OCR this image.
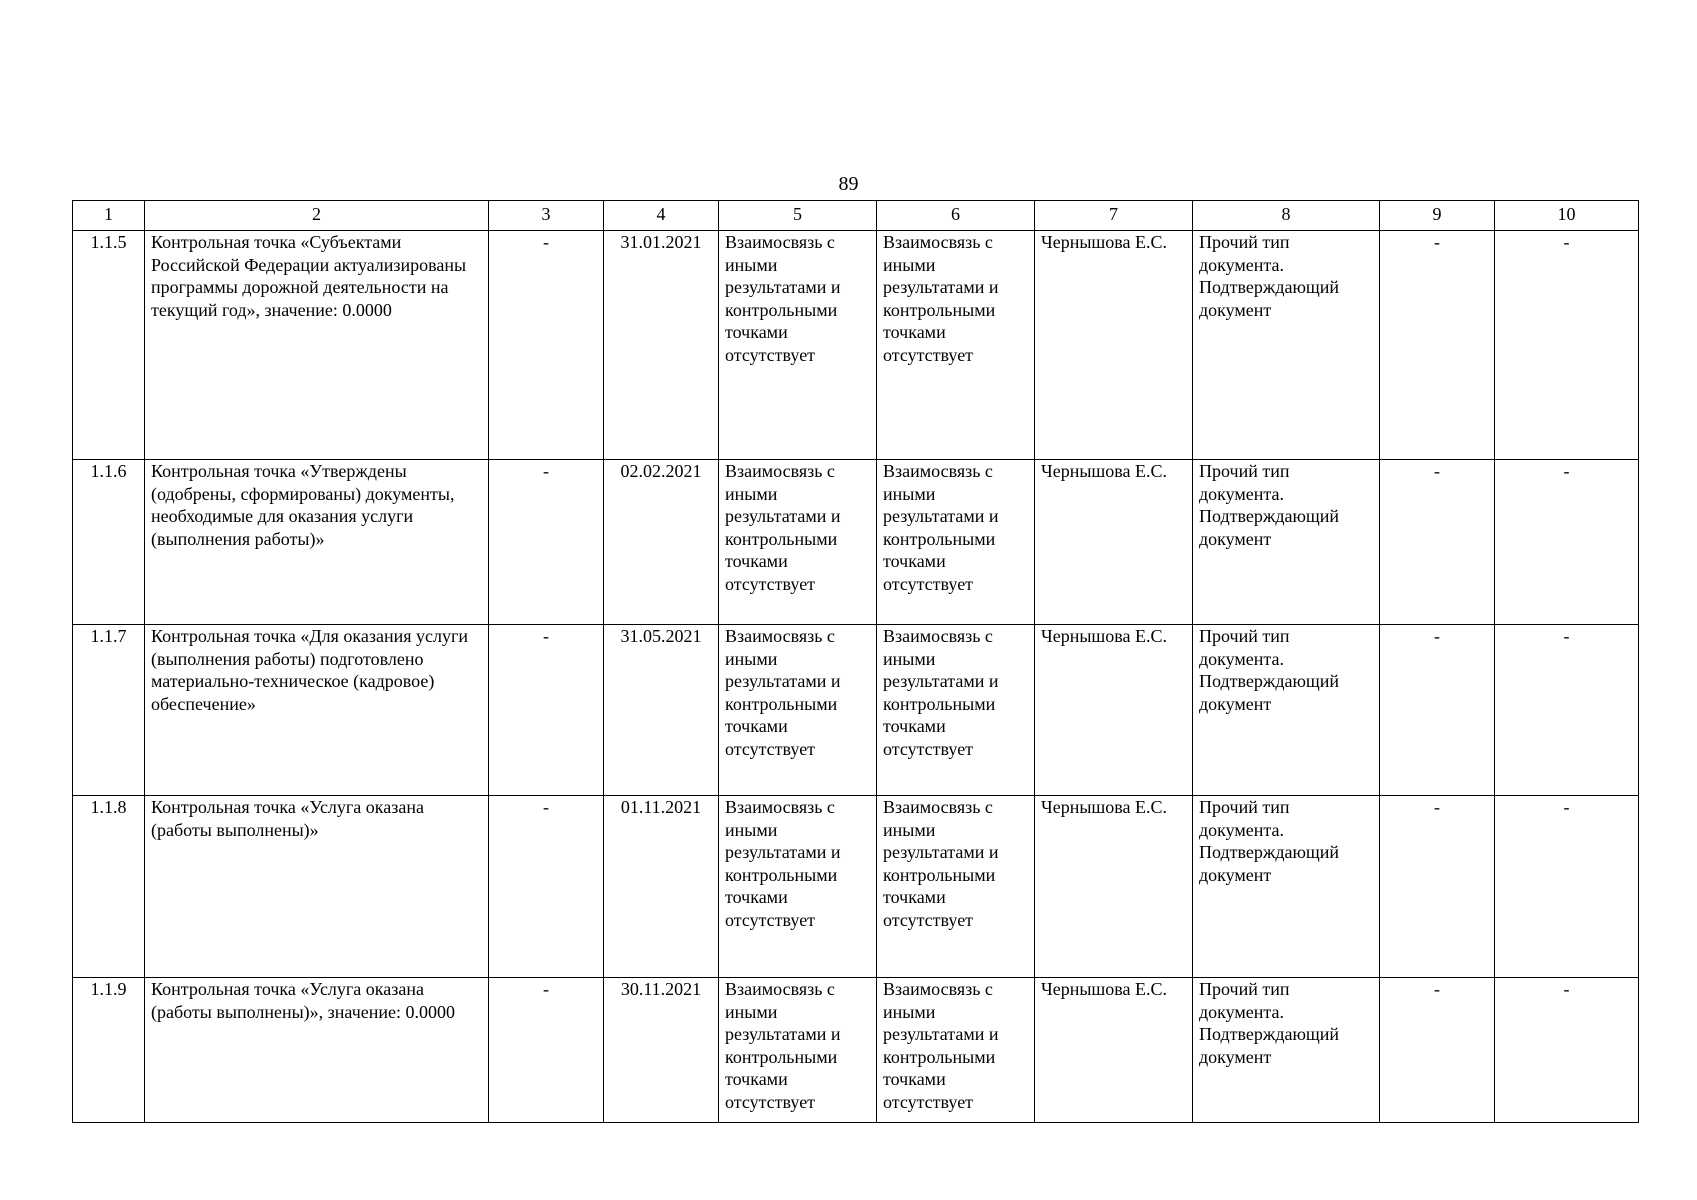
89
1	2	3	4	5	6	7	8	9	10
1.1.5	Контрольная точка «Субъектами Российской Федерации актуализированы программы дорожной деятельности на текущий год», значение: 0.0000	-	31.01.2021	Взаимосвязь с иными результатами и контрольными точками отсутствует	Взаимосвязь с иными результатами и контрольными точками отсутствует	Чернышова Е.С.	Прочий тип документа. Подтверждающий документ	-	-
1.1.6	Контрольная точка «Утверждены (одобрены, сформированы) документы, необходимые для оказания услуги (выполнения работы)»	-	02.02.2021	Взаимосвязь с иными результатами и контрольными точками отсутствует	Взаимосвязь с иными результатами и контрольными точками отсутствует	Чернышова Е.С.	Прочий тип документа. Подтверждающий документ	-	-
1.1.7	Контрольная точка «Для оказания услуги (выполнения работы) подготовлено материально-техническое (кадровое) обеспечение»	-	31.05.2021	Взаимосвязь с иными результатами и контрольными точками отсутствует	Взаимосвязь с иными результатами и контрольными точками отсутствует	Чернышова Е.С.	Прочий тип документа. Подтверждающий документ	-	-
1.1.8	Контрольная точка «Услуга оказана (работы выполнены)»	-	01.11.2021	Взаимосвязь с иными результатами и контрольными точками отсутствует	Взаимосвязь с иными результатами и контрольными точками отсутствует	Чернышова Е.С.	Прочий тип документа. Подтверждающий документ	-	-
1.1.9	Контрольная точка «Услуга оказана (работы выполнены)», значение: 0.0000	-	30.11.2021	Взаимосвязь с иными результатами и контрольными точками отсутствует	Взаимосвязь с иными результатами и контрольными точками отсутствует	Чернышова Е.С.	Прочий тип документа. Подтверждающий документ	-	-
